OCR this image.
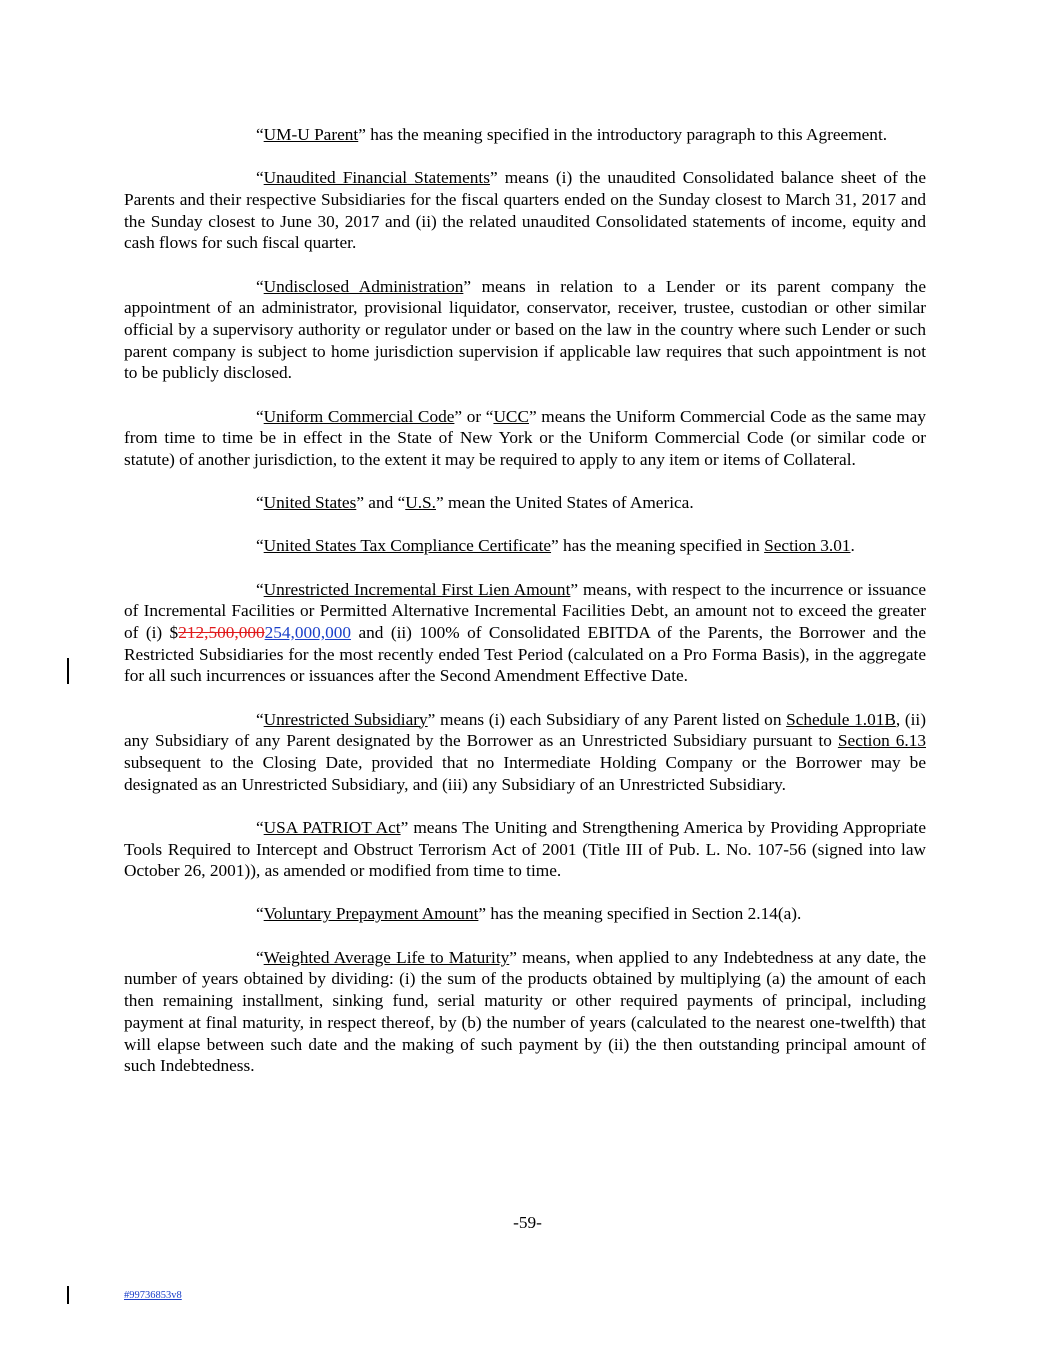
“UM-U Parent” has the meaning specified in the introductory paragraph to this Agreement.

“Unaudited Financial Statements” means (i) the unaudited Consolidated balance sheet of the Parents and their respective Subsidiaries for the fiscal quarters ended on the Sunday closest to March 31, 2017 and the Sunday closest to June 30, 2017 and (ii) the related unaudited Consolidated statements of income, equity and cash flows for such fiscal quarter.

“Undisclosed Administration” means in relation to a Lender or its parent company the appointment of an administrator, provisional liquidator, conservator, receiver, trustee, custodian or other similar official by a supervisory authority or regulator under or based on the law in the country where such Lender or such parent company is subject to home jurisdiction supervision if applicable law requires that such appointment is not to be publicly disclosed.

“Uniform Commercial Code” or “UCC” means the Uniform Commercial Code as the same may from time to time be in effect in the State of New York or the Uniform Commercial Code (or similar code or statute) of another jurisdiction, to the extent it may be required to apply to any item or items of Collateral.

“United States” and “U.S.” mean the United States of America.

“United States Tax Compliance Certificate” has the meaning specified in Section 3.01.

“Unrestricted Incremental First Lien Amount” means, with respect to the incurrence or issuance of Incremental Facilities or Permitted Alternative Incremental Facilities Debt, an amount not to exceed the greater of (i) $212,500,000254,000,000 and (ii) 100% of Consolidated EBITDA of the Parents, the Borrower and the Restricted Subsidiaries for the most recently ended Test Period (calculated on a Pro Forma Basis), in the aggregate for all such incurrences or issuances after the Second Amendment Effective Date.

“Unrestricted Subsidiary” means (i) each Subsidiary of any Parent listed on Schedule 1.01B, (ii) any Subsidiary of any Parent designated by the Borrower as an Unrestricted Subsidiary pursuant to Section 6.13 subsequent to the Closing Date, provided that no Intermediate Holding Company or the Borrower may be designated as an Unrestricted Subsidiary, and (iii) any Subsidiary of an Unrestricted Subsidiary.

“USA PATRIOT Act” means The Uniting and Strengthening America by Providing Appropriate Tools Required to Intercept and Obstruct Terrorism Act of 2001 (Title III of Pub. L. No. 107-56 (signed into law October 26, 2001)), as amended or modified from time to time.

“Voluntary Prepayment Amount” has the meaning specified in Section 2.14(a).

“Weighted Average Life to Maturity” means, when applied to any Indebtedness at any date, the number of years obtained by dividing: (i) the sum of the products obtained by multiplying (a) the amount of each then remaining installment, sinking fund, serial maturity or other required payments of principal, including payment at final maturity, in respect thereof, by (b) the number of years (calculated to the nearest one-twelfth) that will elapse between such date and the making of such payment by (ii) the then outstanding principal amount of such Indebtedness.

-59-
#99736853v8
